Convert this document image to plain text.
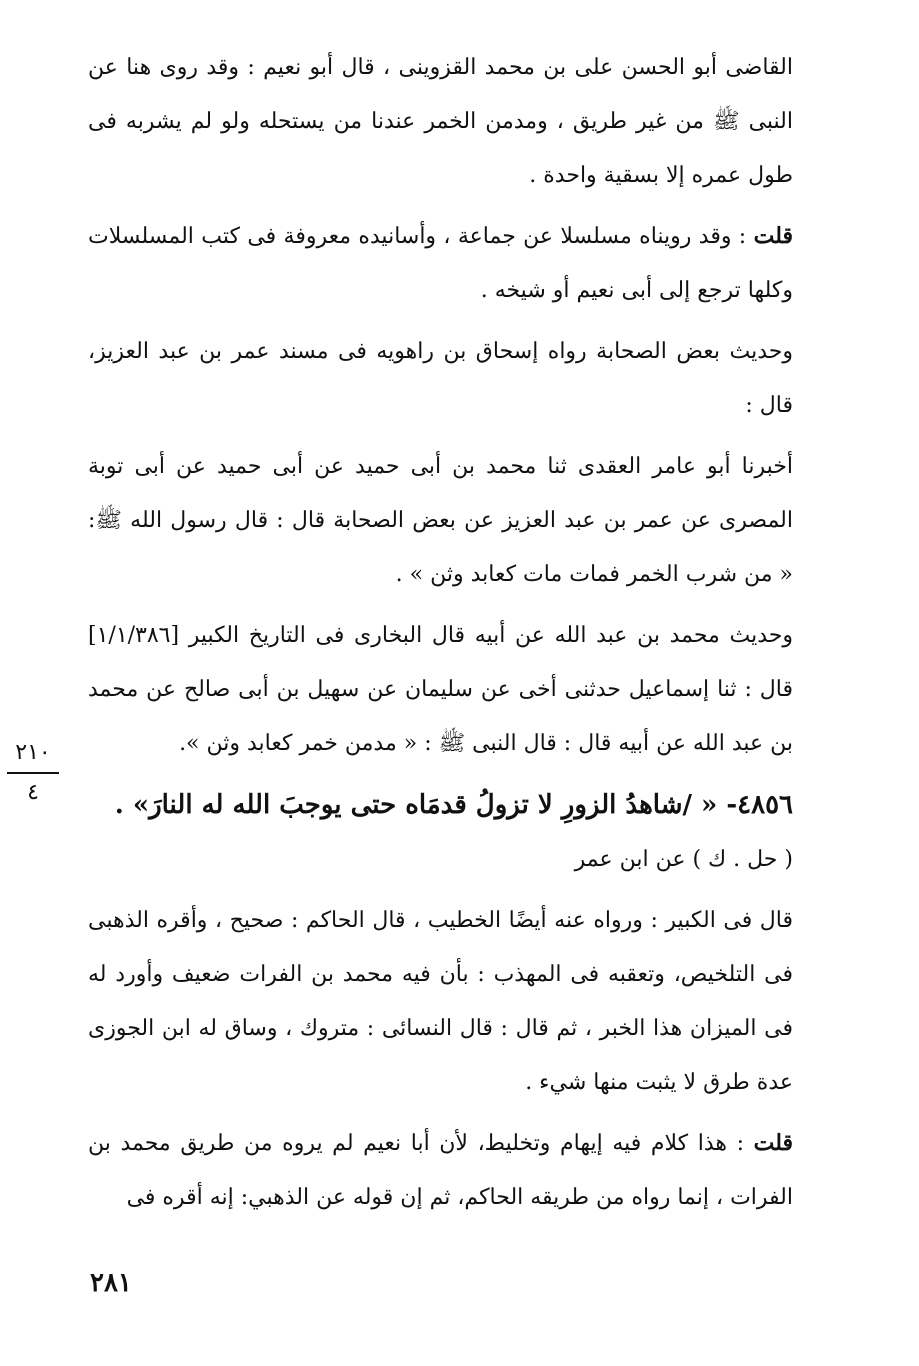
القاضى أبو الحسن على بن محمد القزوينى ، قال أبو نعيم : وقد روى هنا عن النبى ﷺ من غير طريق ، ومدمن الخمر عندنا من يستحله ولو لم يشربه فى طول عمره إلا بسقية واحدة .

قلت : وقد رويناه مسلسلا عن جماعة ، وأسانيده معروفة فى كتب المسلسلات وكلها ترجع إلى أبى نعيم أو شيخه .

وحديث بعض الصحابة رواه إسحاق بن راهويه فى مسند عمر بن عبد العزيز، قال :

أخبرنا أبو عامر العقدى ثنا محمد بن أبى حميد عن أبى حميد عن أبى توبة المصرى عن عمر بن عبد العزيز عن بعض الصحابة قال : قال رسول الله ﷺ: « من شرب الخمر فمات مات كعابد وثن » .

وحديث محمد بن عبد الله عن أبيه قال البخارى فى التاريخ الكبير [١/١/٣٨٦] قال : ثنا إسماعيل حدثنى أخى عن سليمان عن سهيل بن أبى صالح عن محمد بن عبد الله عن أبيه قال : قال النبى ﷺ : « مدمن خمر كعابد وثن ».

٤٨٥٦- « /شاهدُ الزورِ لا تزولُ قدمَاه حتى يوجبَ الله له النارَ» .

( حل . ك ) عن ابن عمر

قال فى الكبير : ورواه عنه أيضًا الخطيب ، قال الحاكم : صحيح ، وأقره الذهبى فى التلخيص، وتعقبه فى المهذب : بأن فيه محمد بن الفرات ضعيف وأورد له فى الميزان هذا الخبر ، ثم قال : قال النسائى : متروك ، وساق له ابن الجوزى عدة طرق لا يثبت منها شيء .

قلت : هذا كلام فيه إيهام وتخليط، لأن أبا نعيم لم يروه من طريق محمد بن الفرات ، إنما رواه من طريقه الحاكم، ثم إن قوله عن الذهبي: إنه أقره فى

٢١٠
٤
٢٨١
